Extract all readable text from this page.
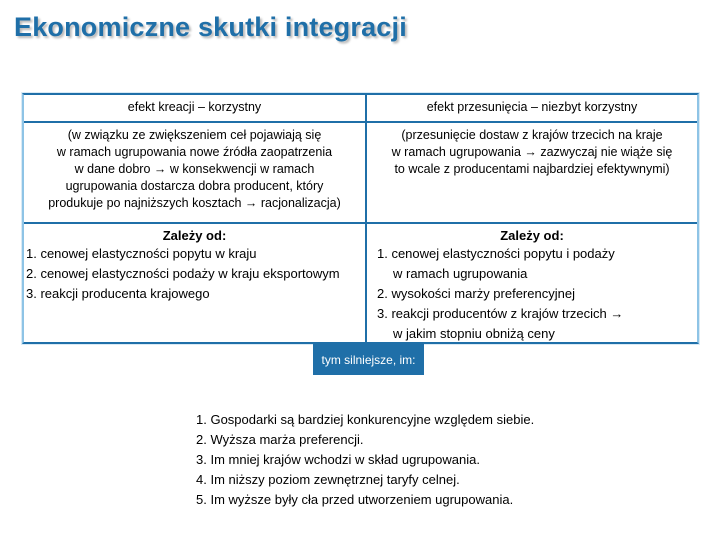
Ekonomiczne skutki integracji
efekt kreacji – korzystny	efekt przesunięcia – niezbyt korzystny
(w związku ze zwiększeniem ceł pojawiają się
w ramach ugrupowania nowe źródła zaopatrzenia
w dane dobro → w konsekwencji w ramach
ugrupowania dostarcza dobra producent, który
produkuje po najniższych kosztach → racjonalizacja)
(przesunięcie dostaw z krajów trzecich na kraje
w ramach ugrupowania → zazwyczaj nie wiąże się
to wcale z producentami najbardziej efektywnymi)
Zależy od:
1. cenowej elastyczności popytu w kraju
2. cenowej elastyczności podaży w kraju eksportowym
3. reakcji producenta krajowego
Zależy od:
1. cenowej elastyczności popytu i podaży
w ramach ugrupowania
2. wysokości marży preferencyjnej
3. reakcji producentów z krajów trzecich →
w jakim stopniu obniżą ceny
tym silniejsze, im:
1. Gospodarki są bardziej konkurencyjne względem siebie.
2. Wyższa marża preferencji.
3. Im mniej krajów wchodzi w skład ugrupowania.
4. Im niższy poziom zewnętrznej taryfy celnej.
5. Im wyższe były cła przed utworzeniem ugrupowania.
